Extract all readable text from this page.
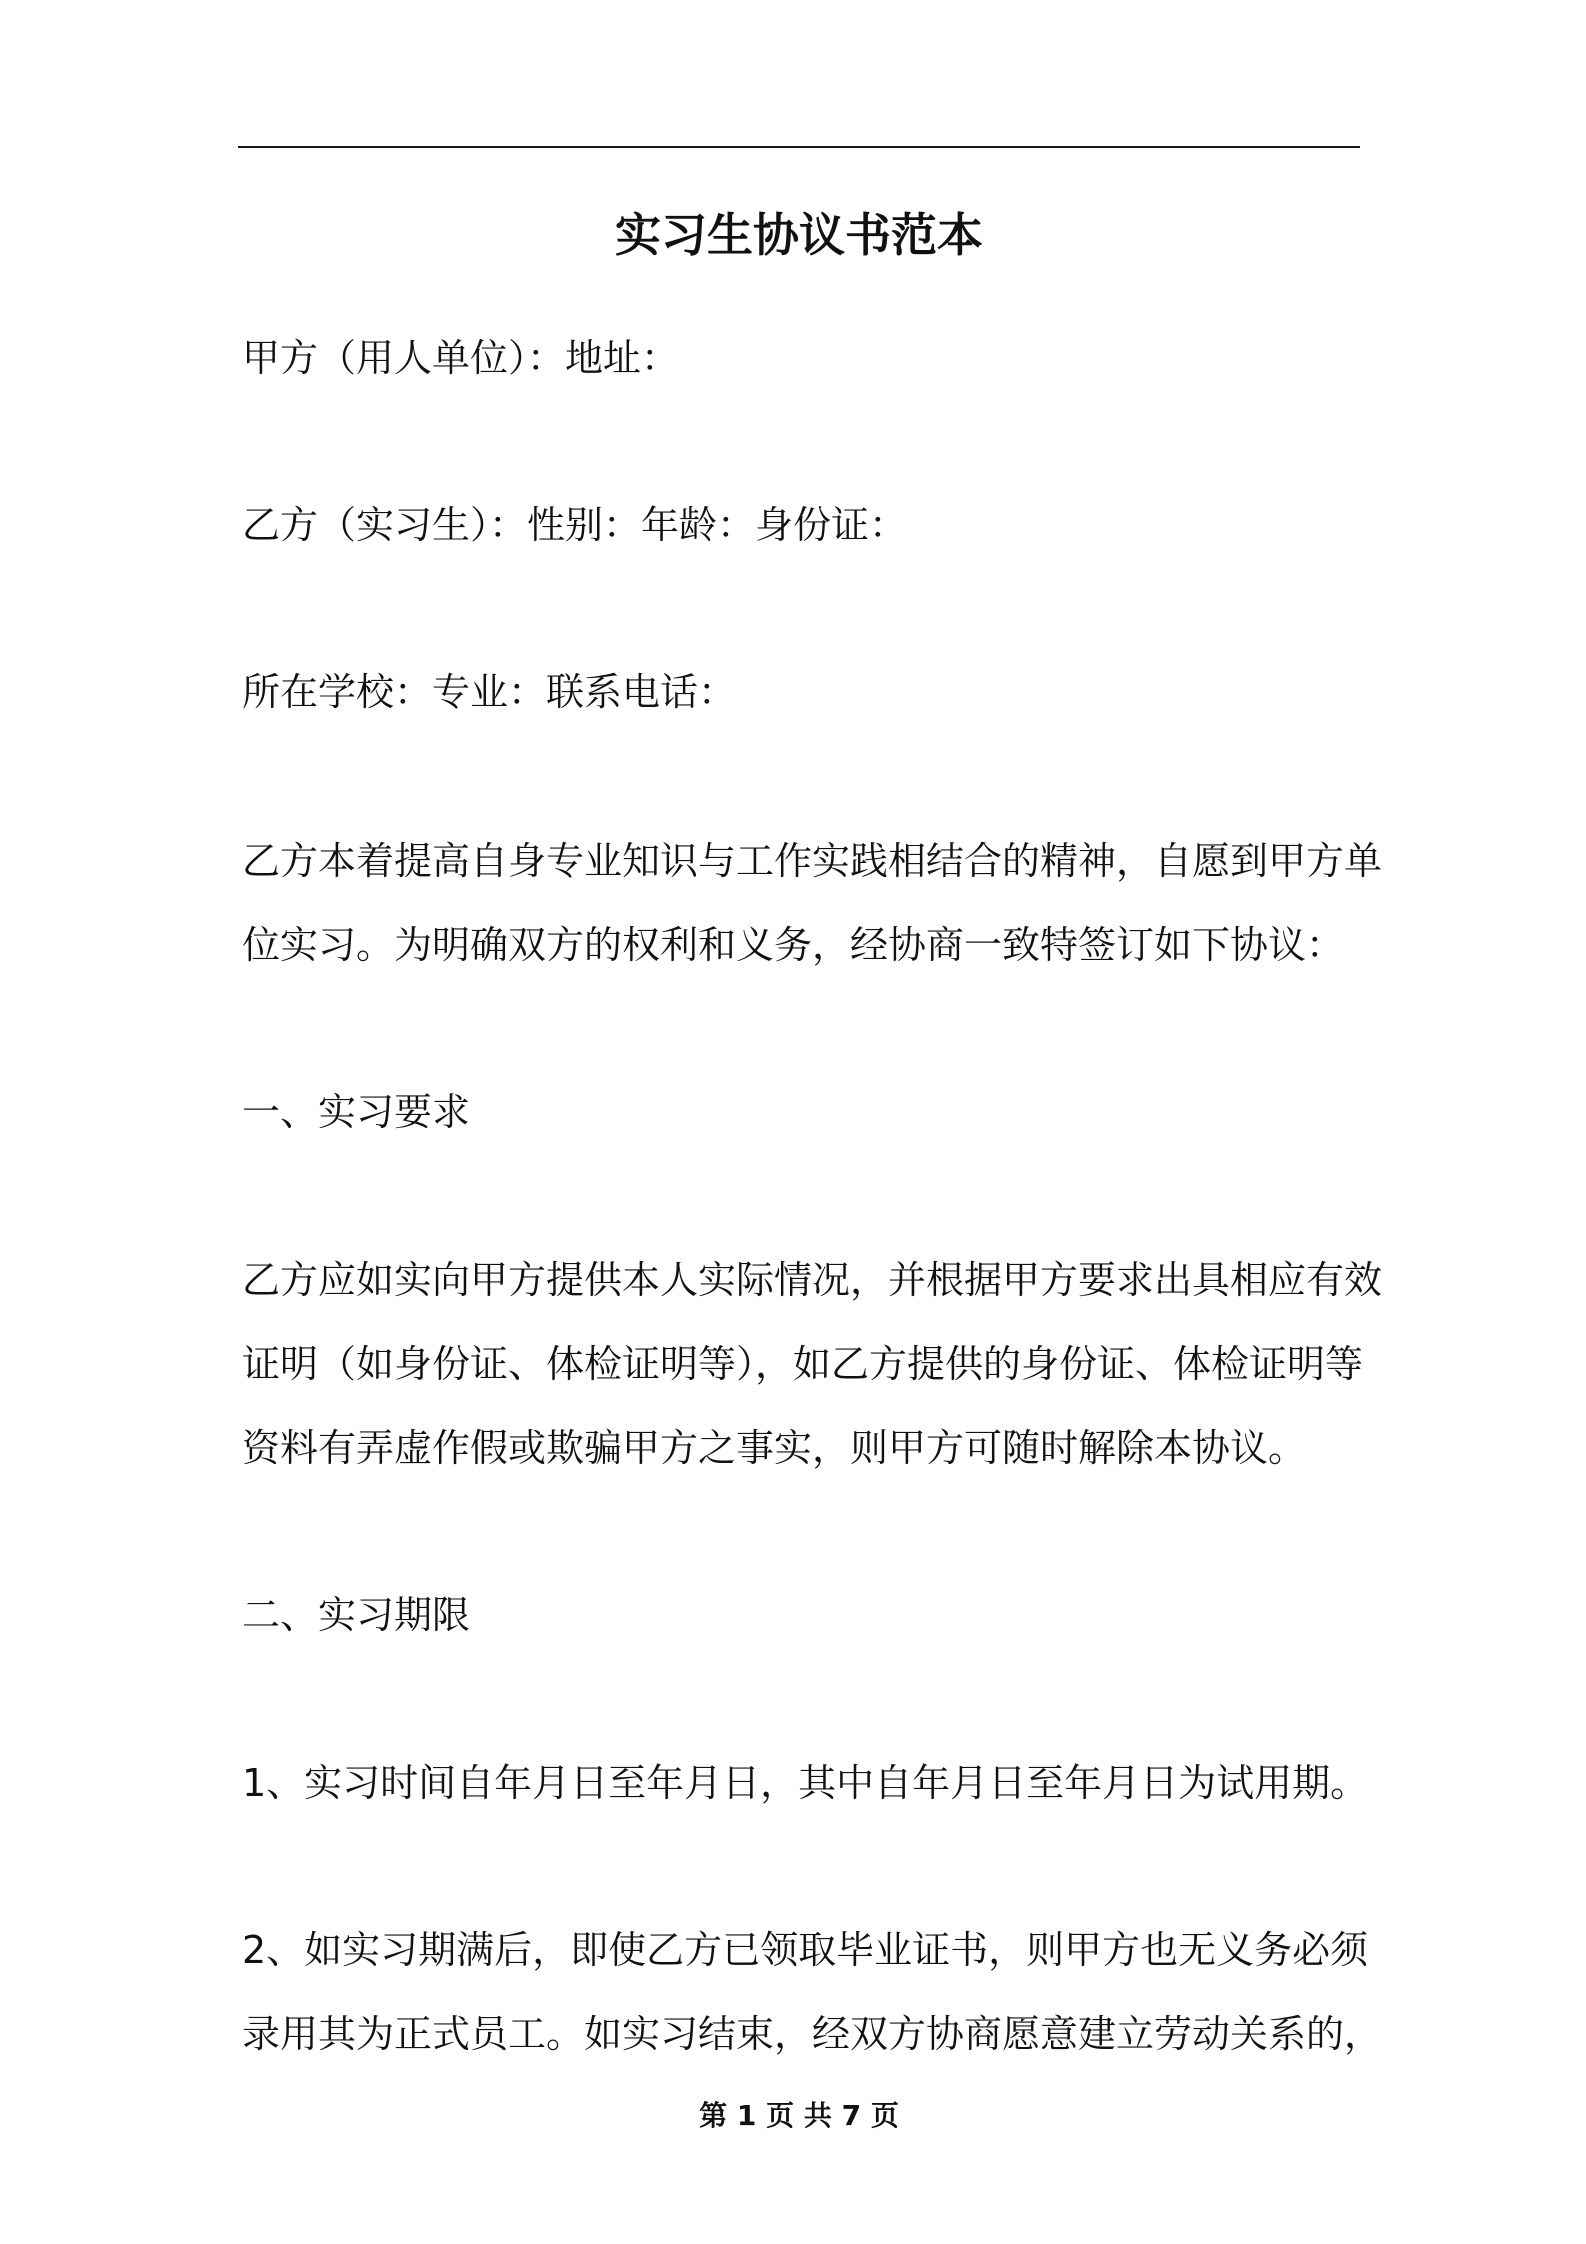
实习生协议书范本
甲方（用人单位）：地址：
乙方（实习生）：性别：年龄：身份证：
所在学校：专业：联系电话：
乙方本着提高自身专业知识与工作实践相结合的精神，自愿到甲方单
位实习。为明确双方的权利和义务，经协商一致特签订如下协议：
一、实习要求
乙方应如实向甲方提供本人实际情况，并根据甲方要求出具相应有效
证明（如身份证、体检证明等），如乙方提供的身份证、体检证明等
资料有弄虚作假或欺骗甲方之事实，则甲方可随时解除本协议。
二、实习期限
1、实习时间自年月日至年月日，其中自年月日至年月日为试用期。
2、如实习期满后，即使乙方已领取毕业证书，则甲方也无义务必须
录用其为正式员工。如实习结束，经双方协商愿意建立劳动关系的，
第 1 页 共 7 页
